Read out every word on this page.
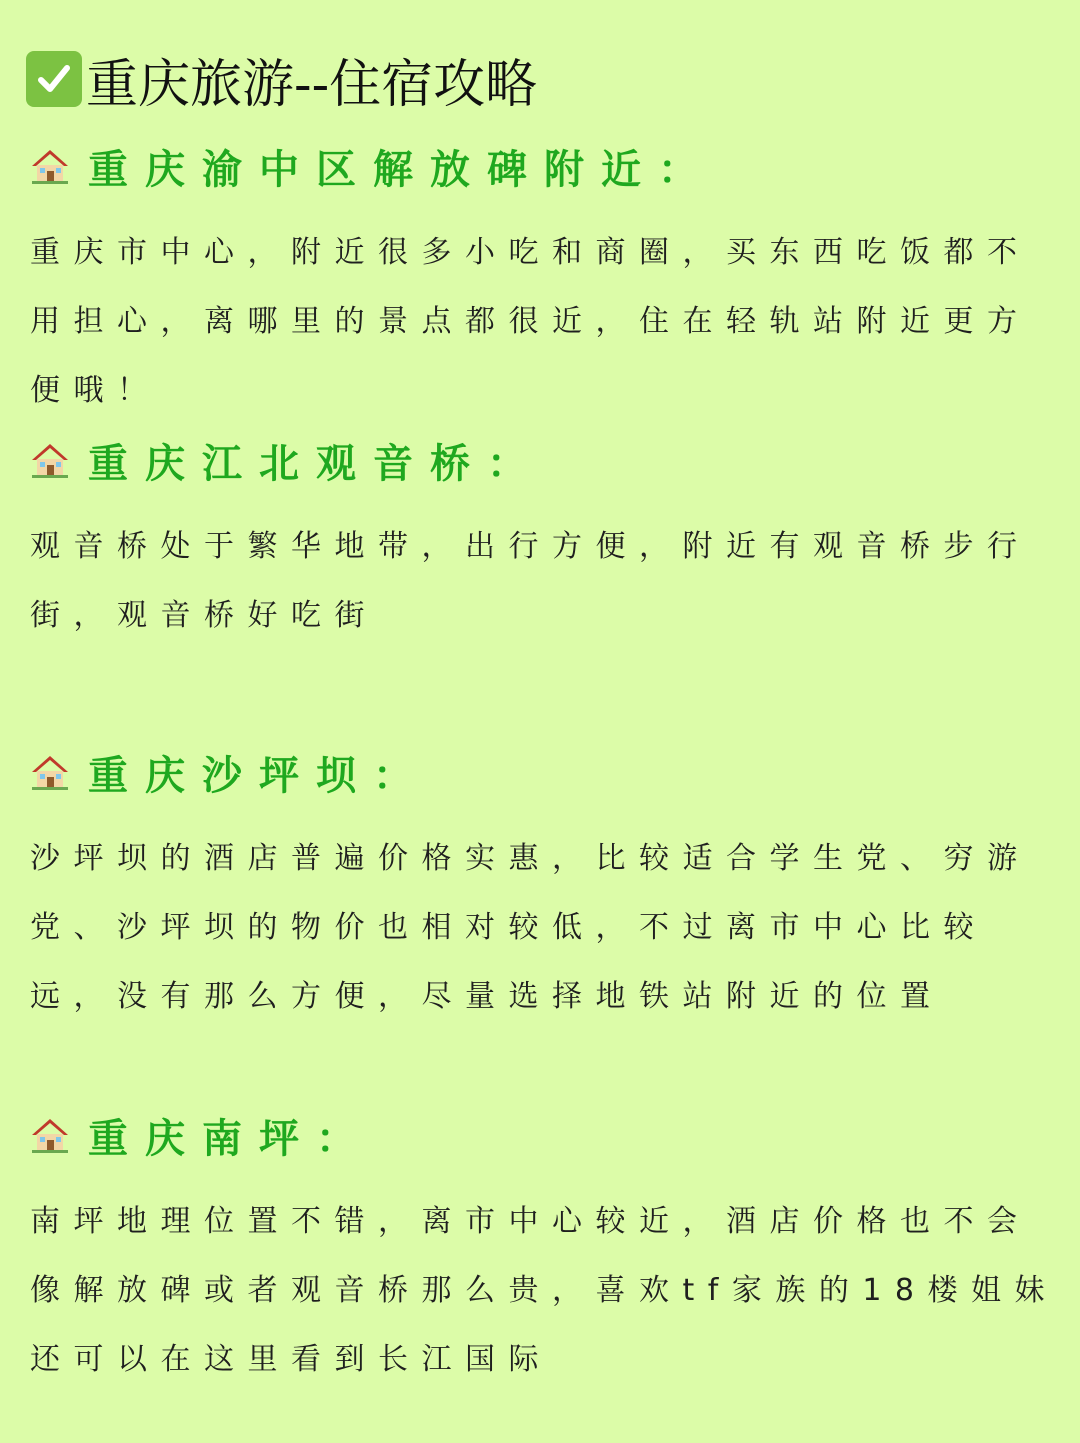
重庆旅游--住宿攻略
重庆渝中区解放碑附近：
重庆市中心，附近很多小吃和商圈，买东西吃饭都不用担心，离哪里的景点都很近，住在轻轨站附近更方便哦！
重庆江北观音桥：
观音桥处于繁华地带，出行方便，附近有观音桥步行街，观音桥好吃街
重庆沙坪坝：
沙坪坝的酒店普遍价格实惠，比较适合学生党、穷游党、沙坪坝的物价也相对较低，不过离市中心比较远，没有那么方便，尽量选择地铁站附近的位置
重庆南坪：
南坪地理位置不错，离市中心较近，酒店价格也不会像解放碑或者观音桥那么贵，喜欢tf家族的18楼姐妹还可以在这里看到长江国际
